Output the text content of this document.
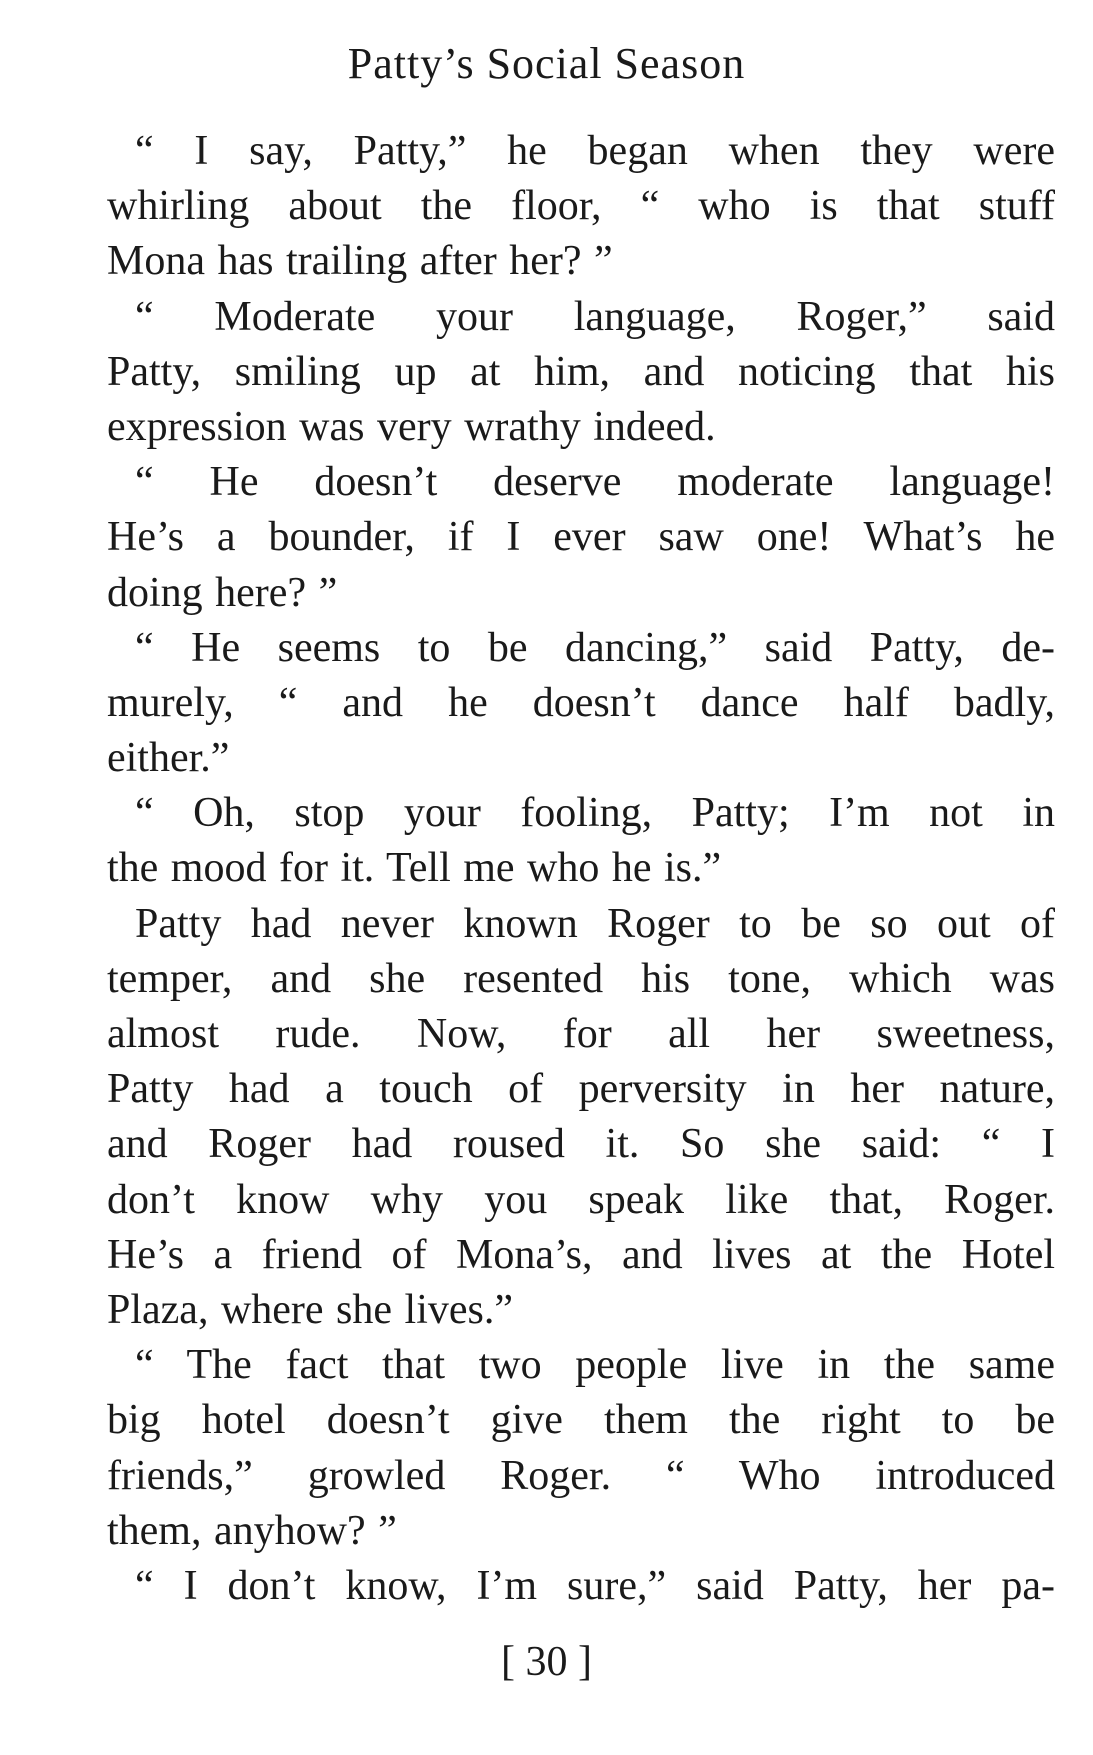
Patty’s Social Season
“ I say, Patty,” he began when they were
whirling about the floor, “ who is that stuff
Mona has trailing after her? ”
“ Moderate your language, Roger,” said
Patty, smiling up at him, and noticing that his
expression was very wrathy indeed.
“ He doesn’t deserve moderate language!
He’s a bounder, if I ever saw one! What’s he
doing here? ”
“ He seems to be dancing,” said Patty, de-
murely, “ and he doesn’t dance half badly,
either.”
“ Oh, stop your fooling, Patty; I’m not in
the mood for it. Tell me who he is.”
Patty had never known Roger to be so out of
temper, and she resented his tone, which was
almost rude. Now, for all her sweetness,
Patty had a touch of perversity in her nature,
and Roger had roused it. So she said: “ I
don’t know why you speak like that, Roger.
He’s a friend of Mona’s, and lives at the Hotel
Plaza, where she lives.”
“ The fact that two people live in the same
big hotel doesn’t give them the right to be
friends,” growled Roger. “ Who introduced
them, anyhow? ”
“ I don’t know, I’m sure,” said Patty, her pa-
[ 30 ]
